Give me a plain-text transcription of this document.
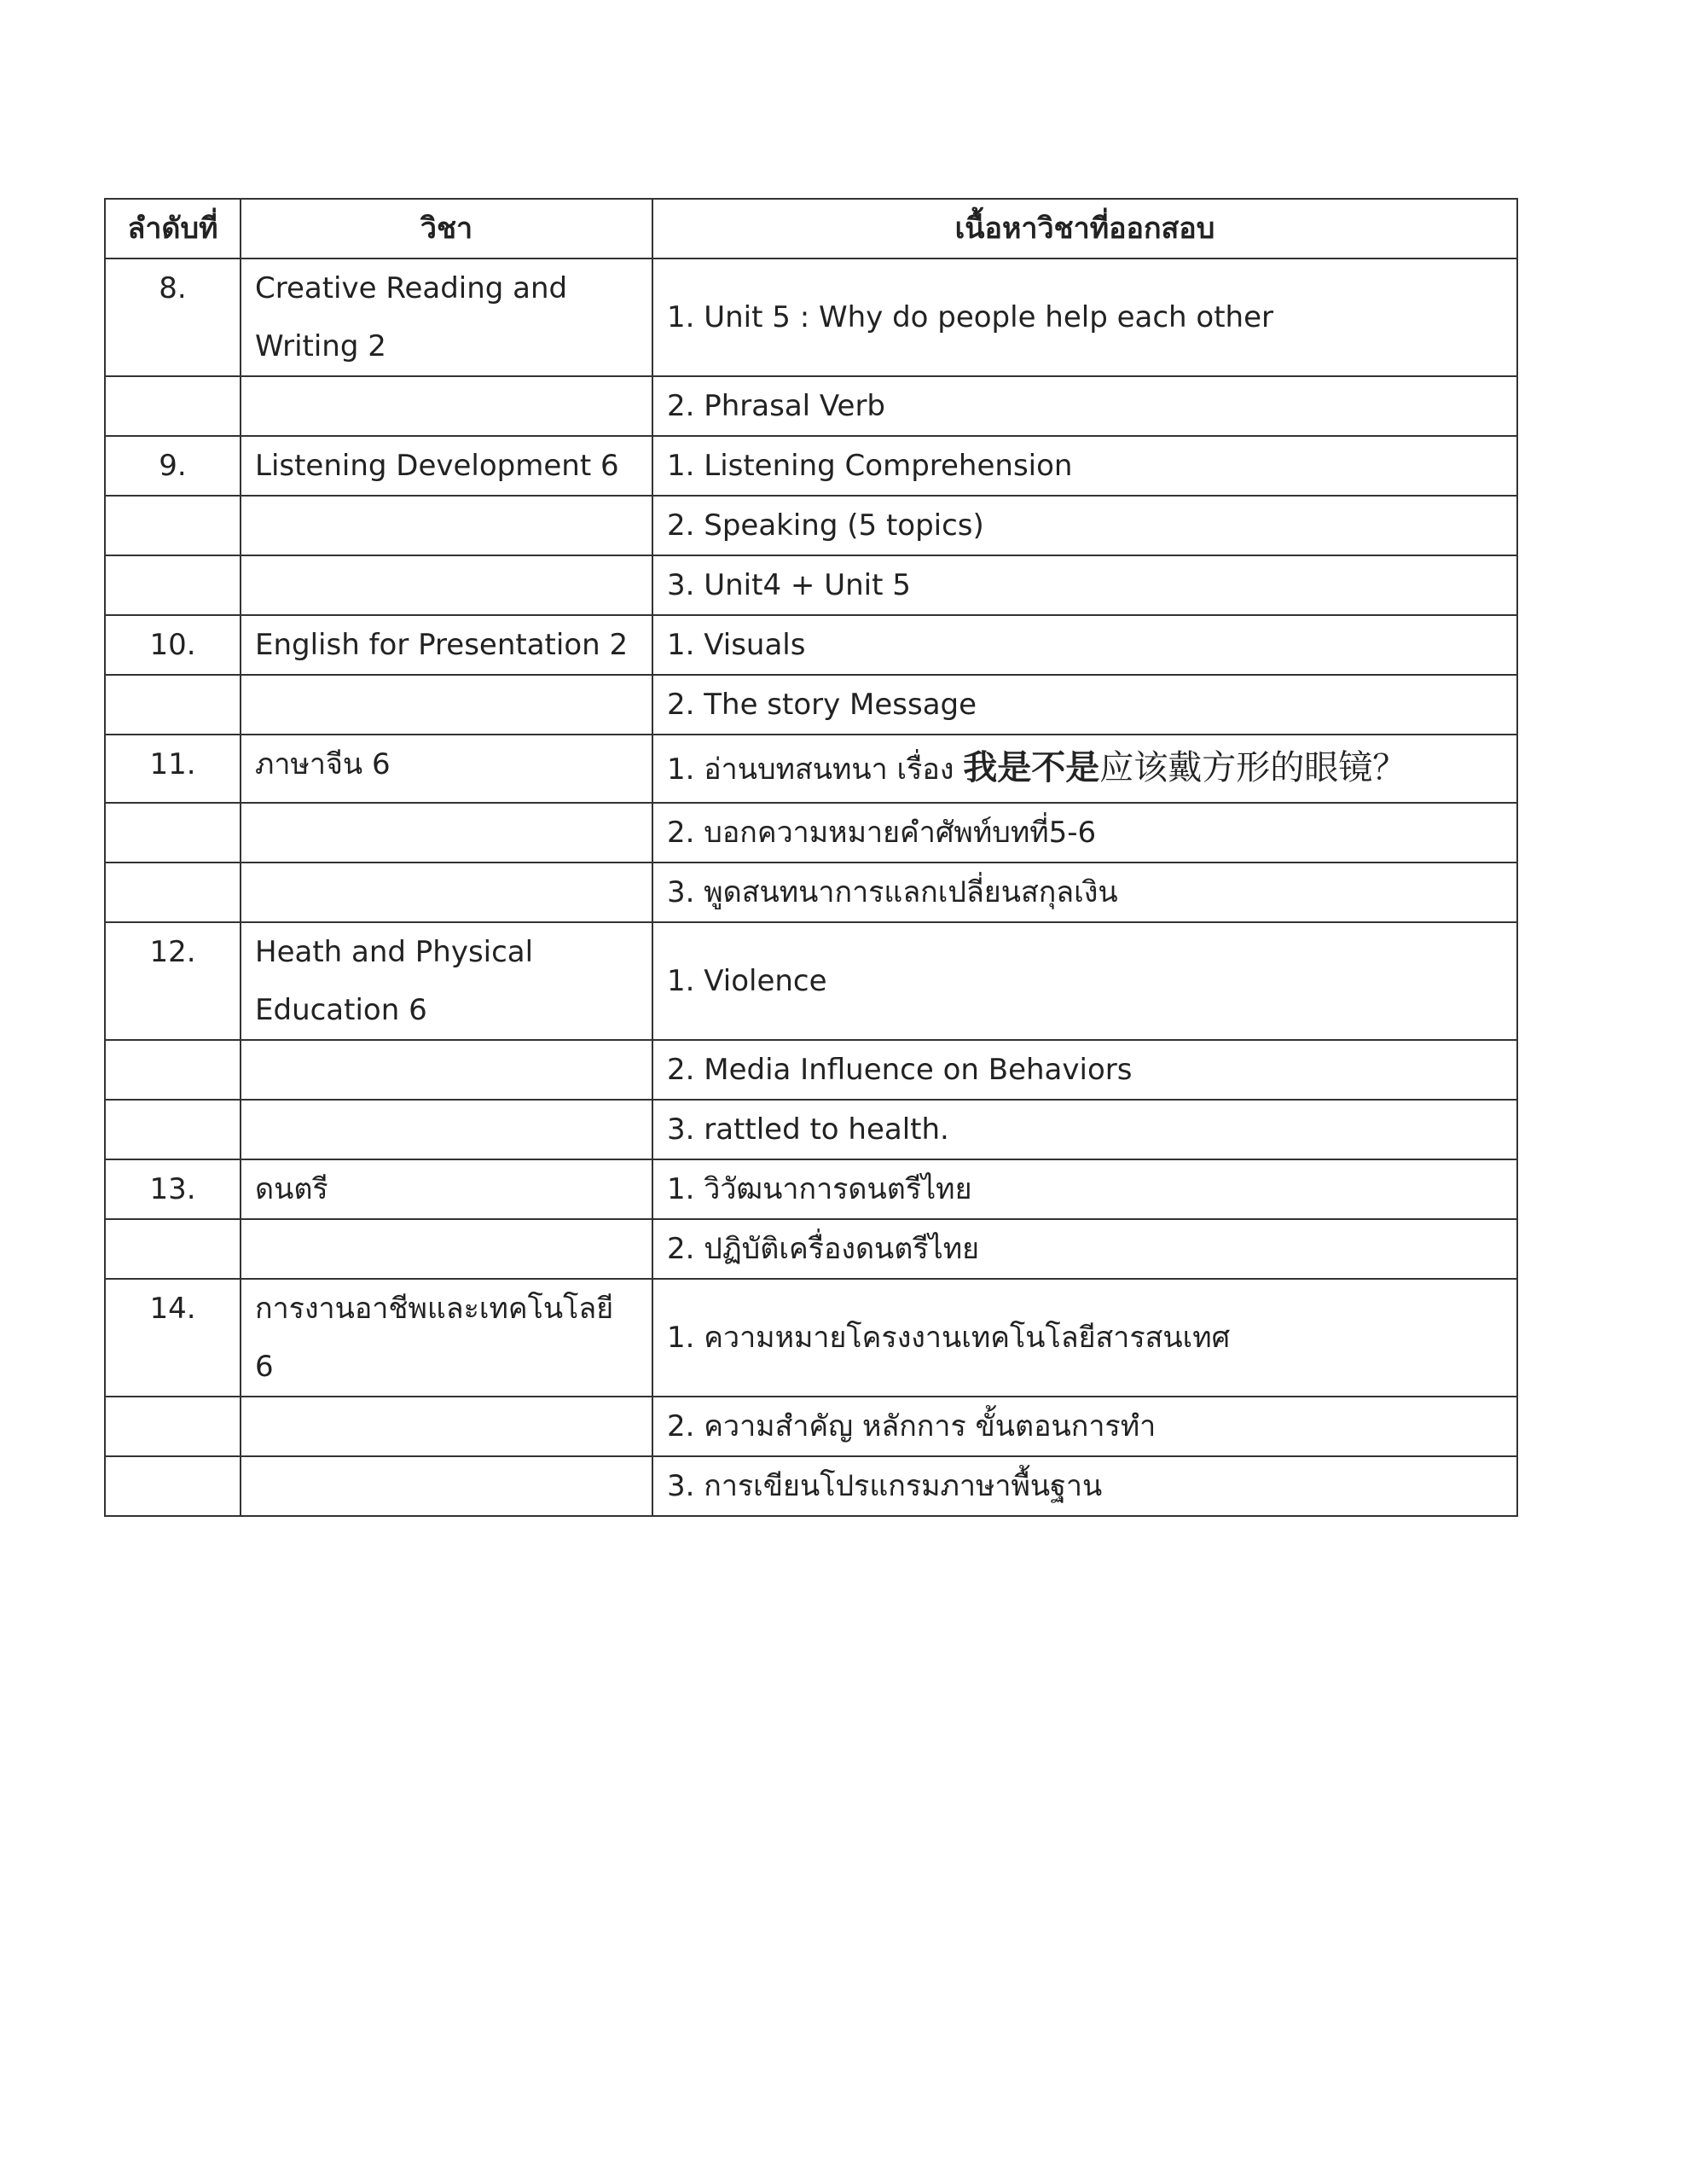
ลำดับที่	วิชา	เนื้อหาวิชาที่ออกสอบ
8.	Creative Reading and Writing 2	1. Unit 5 : Why do people help each other
		2. Phrasal Verb
9.	Listening Development 6	1. Listening Comprehension
		2. Speaking (5 topics)
		3. Unit4 + Unit 5
10.	English for Presentation 2	1. Visuals
		2. The story Message
11.	ภาษาจีน 6	1. อ่านบทสนทนา เรื่อง 我是不是应该戴方形的眼镜？
		2. บอกความหมายคำศัพท์บทที่5-6
		3. พูดสนทนาการแลกเปลี่ยนสกุลเงิน
12.	Heath and Physical Education 6	1. Violence
		2. Media Influence on Behaviors
		3. rattled to health.
13.	ดนตรี	1. วิวัฒนาการดนตรีไทย
		2. ปฏิบัติเครื่องดนตรีไทย
14.	การงานอาชีพและเทคโนโลยี 6	1. ความหมายโครงงานเทคโนโลยีสารสนเทศ
		2. ความสำคัญ หลักการ ขั้นตอนการทำ
		3. การเขียนโปรแกรมภาษาพื้นฐาน
